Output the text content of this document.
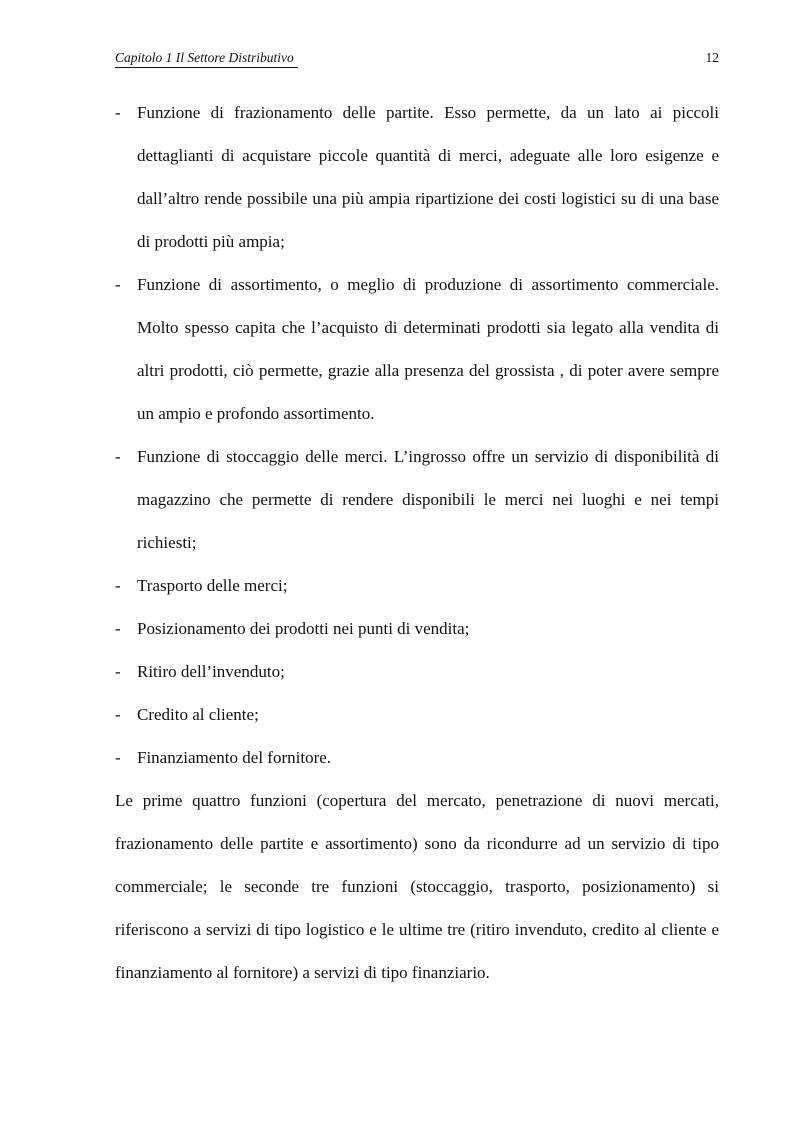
Capitolo 1 Il Settore Distributivo	12
- Funzione di frazionamento delle partite. Esso permette, da un lato ai piccoli dettaglianti di acquistare piccole quantità di merci, adeguate alle loro esigenze e dall’altro rende possibile una più ampia ripartizione dei costi logistici su di una base di prodotti più ampia;
- Funzione di assortimento, o meglio di produzione di assortimento commerciale. Molto spesso capita che l’acquisto di determinati prodotti sia legato alla vendita di altri prodotti, ciò permette, grazie alla presenza del grossista , di poter avere sempre un ampio e profondo assortimento.
- Funzione di stoccaggio delle merci. L’ingrosso offre un servizio di disponibilità di magazzino che permette di rendere disponibili le merci nei luoghi e nei tempi richiesti;
- Trasporto delle merci;
- Posizionamento dei prodotti nei punti di vendita;
- Ritiro dell’invenduto;
- Credito al cliente;
- Finanziamento del fornitore.
Le prime quattro funzioni (copertura del mercato, penetrazione di nuovi mercati, frazionamento delle partite e assortimento) sono da ricondurre ad un servizio di tipo commerciale; le seconde tre funzioni (stoccaggio, trasporto, posizionamento) si riferiscono a servizi di tipo logistico e le ultime tre (ritiro invenduto, credito al cliente e finanziamento al fornitore) a servizi di tipo finanziario.
